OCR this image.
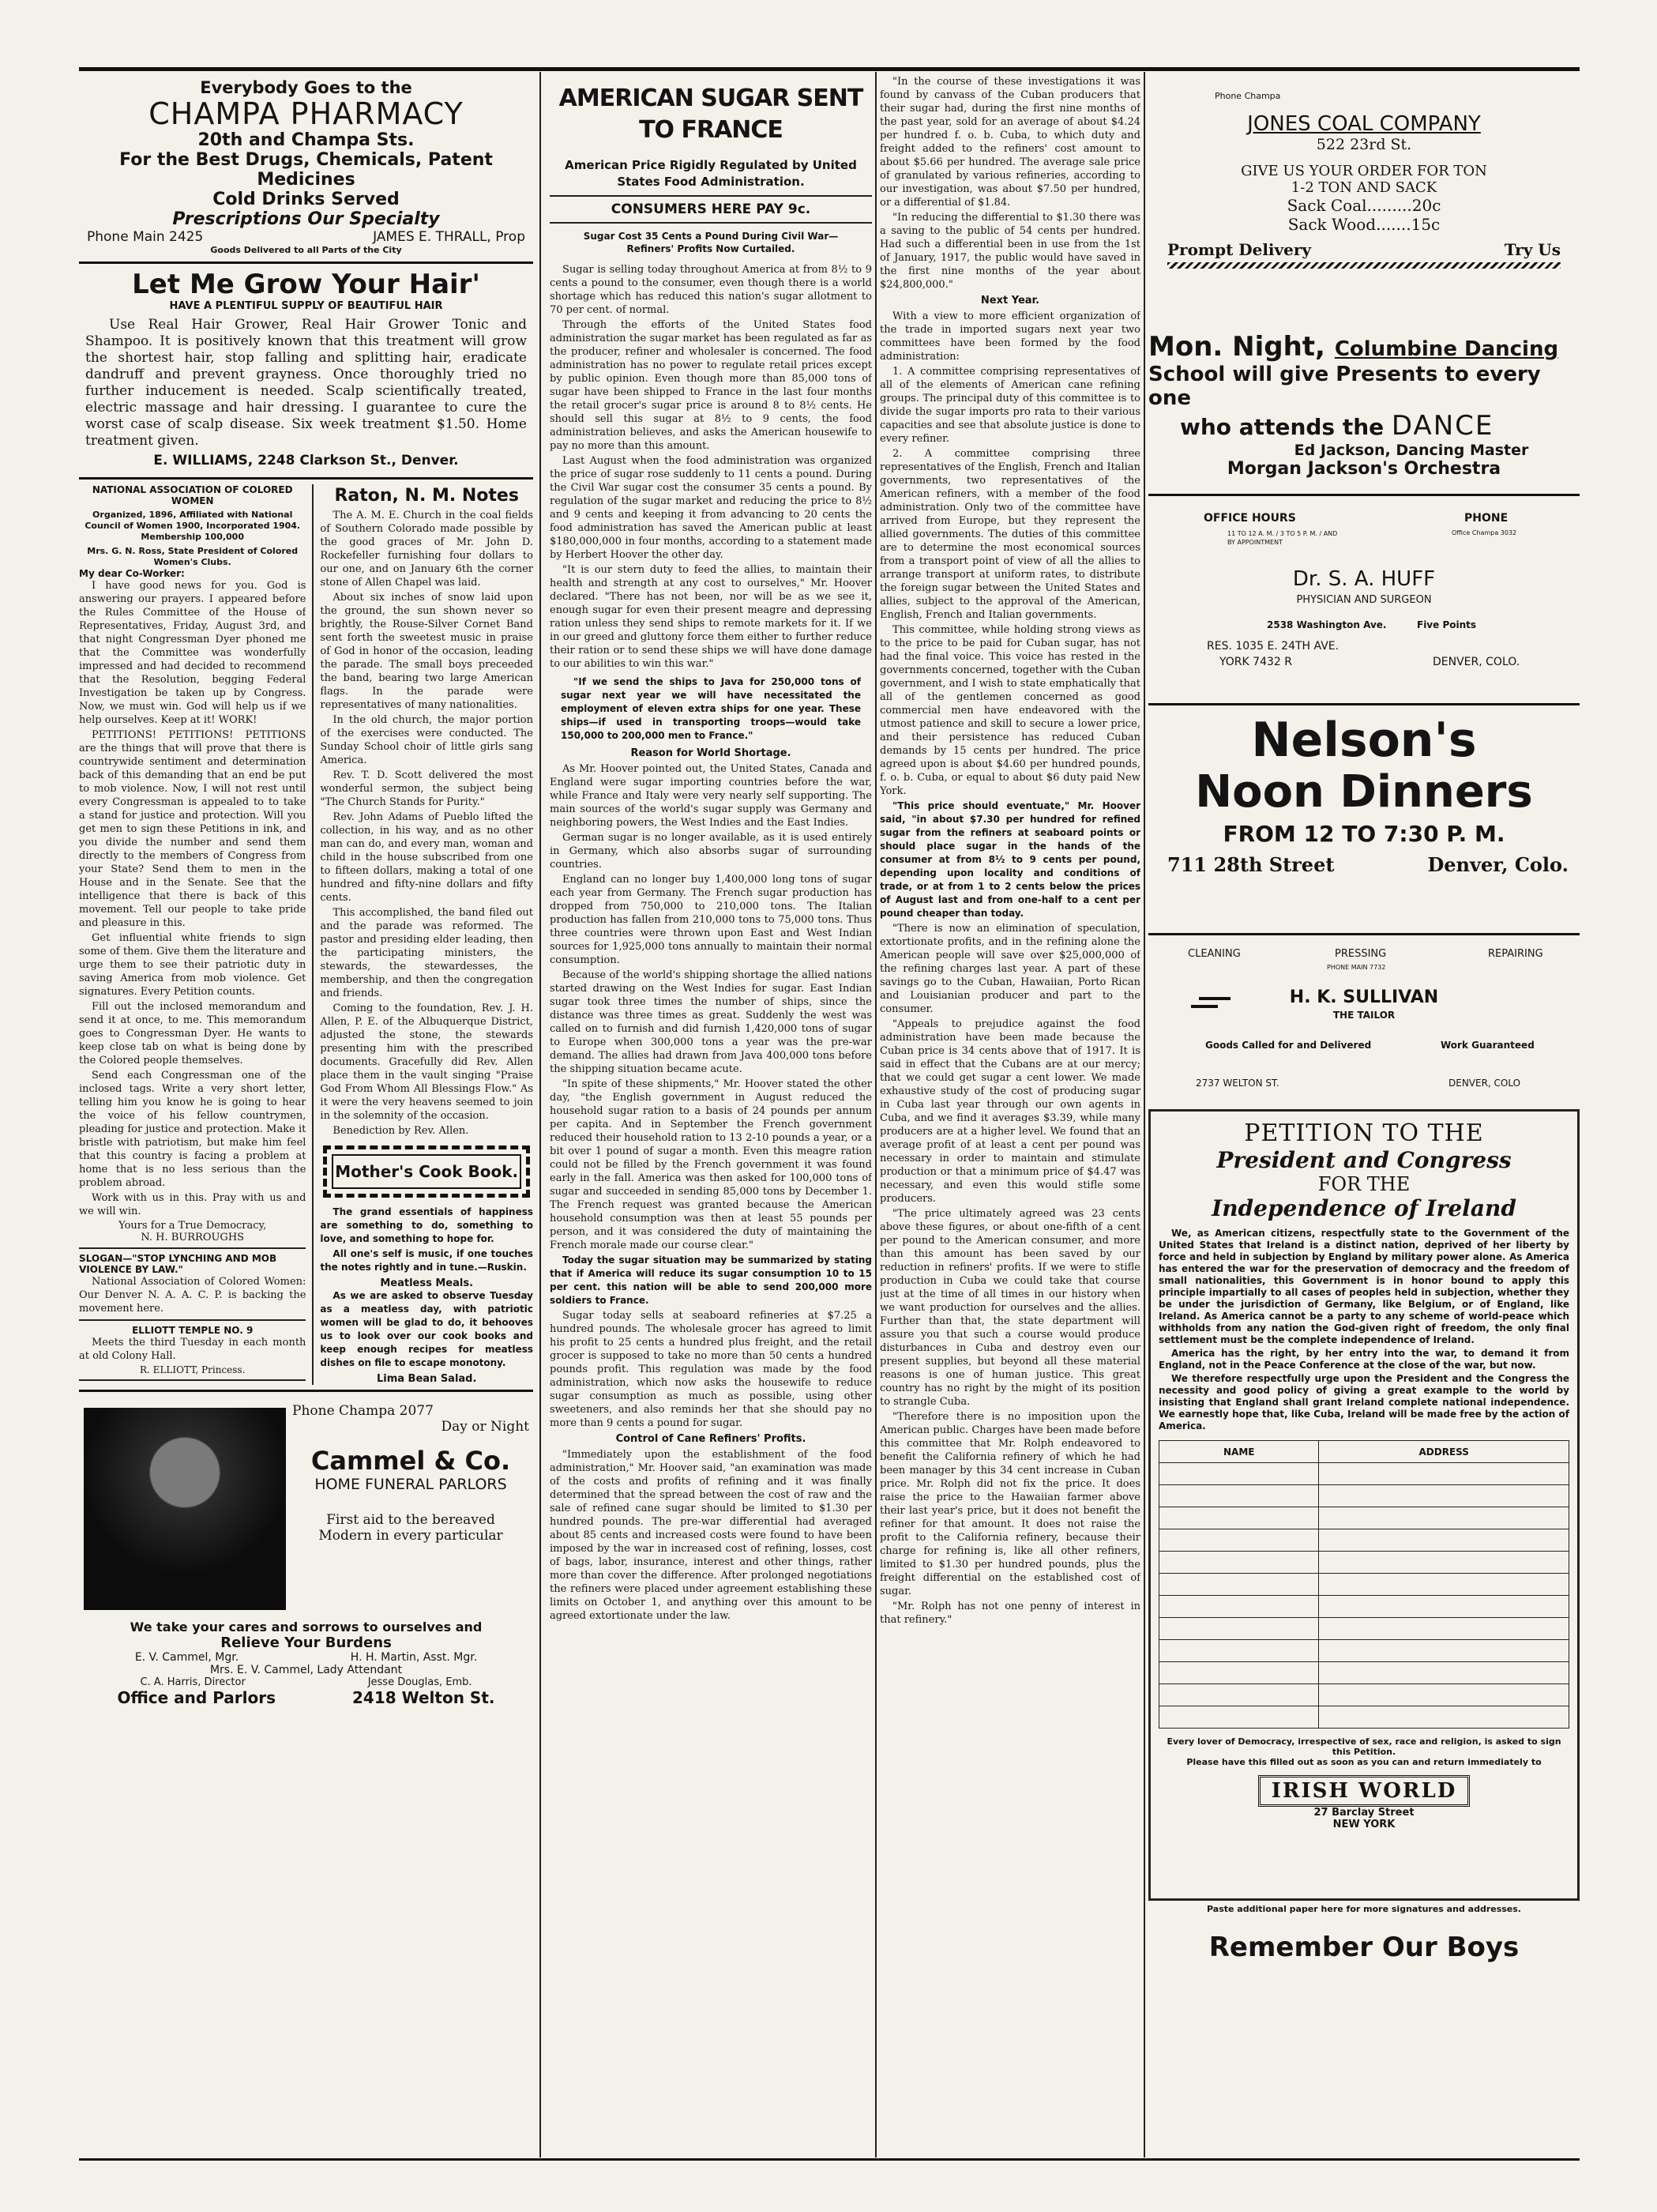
Everybody Goes to the

CHAMPA PHARMACY

20th and Champa Sts.

For the Best Drugs, Chemicals, Patent Medicines

Cold Drinks Served

Prescriptions Our Specialty

Phone Main 2425	JAMES E. THRALL, Prop

Goods Delivered to all Parts of the City

Let Me Grow Your Hair'

HAVE A PLENTIFUL SUPPLY OF BEAUTIFUL HAIR

Use Real Hair Grower, Real Hair Grower Tonic and Shampoo. It is positively known that this treatment will grow the shortest hair, stop falling and splitting hair, eradicate dandruff and prevent grayness. Once thoroughly tried no further inducement is needed. Scalp scientifically treated, electric massage and hair dressing. I guarantee to cure the worst case of scalp disease. Six week treatment $1.50. Home treatment given.

E. WILLIAMS, 2248 Clarkson St., Denver.

NATIONAL ASSOCIATION OF COLORED WOMEN

Organized, 1896, Affiliated with National Council of Women 1900, Incorporated 1904. Membership 100,000

Mrs. G. N. Ross, State President of Colored Women's Clubs.

My dear Co-Worker:

I have good news for you. God is answering our prayers. I appeared before the Rules Committee of the House of Representatives, Friday, August 3rd, and that night Congressman Dyer phoned me that the Committee was wonderfully impressed and had decided to recommend that the Resolution, begging Federal Investigation be taken up by Congress. Now, we must win. God will help us if we help ourselves. Keep at it! WORK!

PETITIONS! PETITIONS! PETITIONS are the things that will prove that there is countrywide sentiment and determination back of this demanding that an end be put to mob violence. Now, I will not rest until every Congressman is appealed to to take a stand for justice and protection. Will you get men to sign these Petitions in ink, and you divide the number and send them directly to the members of Congress from your State? Send them to men in the House and in the Senate. See that the intelligence that there is back of this movement. Tell our people to take pride and pleasure in this.

Get influential white friends to sign some of them. Give them the literature and urge them to see their patriotic duty in saving America from mob violence. Get signatures. Every Petition counts.

Fill out the inclosed memorandum and send it at once, to me. This memorandum goes to Congressman Dyer. He wants to keep close tab on what is being done by the Colored people themselves.

Send each Congressman one of the inclosed tags. Write a very short letter, telling him you know he is going to hear the voice of his fellow countrymen, pleading for justice and protection. Make it bristle with patriotism, but make him feel that this country is facing a problem at home that is no less serious than the problem abroad.

Work with us in this. Pray with us and we will win.

Yours for a True Democracy,

N. H. BURROUGHS

SLOGAN—"STOP LYNCHING AND MOB VIOLENCE BY LAW."

National Association of Colored Women: Our Denver N. A. A. C. P. is backing the movement here.

ELLIOTT TEMPLE NO. 9

Meets the third Tuesday in each month at old Colony Hall.

R. ELLIOTT, Princess.

Raton, N. M. Notes

The A. M. E. Church in the coal fields of Southern Colorado made possible by the good graces of Mr. John D. Rockefeller furnishing four dollars to our one, and on January 6th the corner stone of Allen Chapel was laid.

About six inches of snow laid upon the ground, the sun shown never so brightly, the Rouse-Silver Cornet Band sent forth the sweetest music in praise of God in honor of the occasion, leading the parade. The small boys preceeded the band, bearing two large American flags. In the parade were representatives of many nationalities.

In the old church, the major portion of the exercises were conducted. The Sunday School choir of little girls sang America.

Rev. T. D. Scott delivered the most wonderful sermon, the subject being "The Church Stands for Purity."

Rev. John Adams of Pueblo lifted the collection, in his way, and as no other man can do, and every man, woman and child in the house subscribed from one to fifteen dollars, making a total of one hundred and fifty-nine dollars and fifty cents.

This accomplished, the band filed out and the parade was reformed. The pastor and presiding elder leading, then the participating ministers, the stewards, the stewardesses, the membership, and then the congregation and friends.

Coming to the foundation, Rev. J. H. Allen, P. E. of the Albuquerque District, adjusted the stone, the stewards presenting him with the prescribed documents. Gracefully did Rev. Allen place them in the vault singing "Praise God From Whom All Blessings Flow." As it were the very heavens seemed to join in the solemnity of the occasion.

Benediction by Rev. Allen.

Mother's Cook Book.

The grand essentials of happiness are something to do, something to love, and something to hope for.

All one's self is music, if one touches the notes rightly and in tune.—Ruskin.

Meatless Meals.

As we are asked to observe Tuesday as a meatless day, with patriotic women will be glad to do, it behooves us to look over our cook books and keep enough recipes for meatless dishes on file to escape monotony.

Lima Bean Salad.

Phone Champa 2077

Day or Night

Cammel & Co.

HOME FUNERAL PARLORS

First aid to the bereaved

Modern in every particular

We take your cares and sorrows to ourselves and

Relieve Your Burdens

E. V. Cammel, Mgr.	H. H. Martin, Asst. Mgr.

Mrs. E. V. Cammel, Lady Attendant

C. A. Harris, Director	Jesse Douglas, Emb.
Office and Parlors	2418 Welton St.

AMERICAN SUGAR SENT TO FRANCE

American Price Rigidly Regulated by United States Food Administration.

CONSUMERS HERE PAY 9c.

Sugar Cost 35 Cents a Pound During Civil War—Refiners' Profits Now Curtailed.

Sugar is selling today throughout America at from 8½ to 9 cents a pound to the consumer, even though there is a world shortage which has reduced this nation's sugar allotment to 70 per cent. of normal.

Through the efforts of the United States food administration the sugar market has been regulated as far as the producer, refiner and wholesaler is concerned. The food administration has no power to regulate retail prices except by public opinion. Even though more than 85,000 tons of sugar have been shipped to France in the last four months the retail grocer's sugar price is around 8 to 8½ cents. He should sell this sugar at 8½ to 9 cents, the food administration believes, and asks the American housewife to pay no more than this amount.

Last August when the food administration was organized the price of sugar rose suddenly to 11 cents a pound. During the Civil War sugar cost the consumer 35 cents a pound. By regulation of the sugar market and reducing the price to 8½ and 9 cents and keeping it from advancing to 20 cents the food administration has saved the American public at least $180,000,000 in four months, according to a statement made by Herbert Hoover the other day.

"It is our stern duty to feed the allies, to maintain their health and strength at any cost to ourselves," Mr. Hoover declared. "There has not been, nor will be as we see it, enough sugar for even their present meagre and depressing ration unless they send ships to remote markets for it. If we in our greed and gluttony force them either to further reduce their ration or to send these ships we will have done damage to our abilities to win this war."

"If we send the ships to Java for 250,000 tons of sugar next year we will have necessitated the employment of eleven extra ships for one year. These ships—if used in transporting troops—would take 150,000 to 200,000 men to France."

Reason for World Shortage.

As Mr. Hoover pointed out, the United States, Canada and England were sugar importing countries before the war, while France and Italy were very nearly self supporting. The main sources of the world's sugar supply was Germany and neighboring powers, the West Indies and the East Indies.

German sugar is no longer available, as it is used entirely in Germany, which also absorbs sugar of surrounding countries.

England can no longer buy 1,400,000 long tons of sugar each year from Germany. The French sugar production has dropped from 750,000 to 210,000 tons. The Italian production has fallen from 210,000 tons to 75,000 tons. Thus three countries were thrown upon East and West Indian sources for 1,925,000 tons annually to maintain their normal consumption.

Because of the world's shipping shortage the allied nations started drawing on the West Indies for sugar. East Indian sugar took three times the number of ships, since the distance was three times as great. Suddenly the west was called on to furnish and did furnish 1,420,000 tons of sugar to Europe when 300,000 tons a year was the pre-war demand. The allies had drawn from Java 400,000 tons before the shipping situation became acute.

"In spite of these shipments," Mr. Hoover stated the other day, "the English government in August reduced the household sugar ration to a basis of 24 pounds per annum per capita. And in September the French government reduced their household ration to 13 2-10 pounds a year, or a bit over 1 pound of sugar a month. Even this meagre ration could not be filled by the French government it was found early in the fall. America was then asked for 100,000 tons of sugar and succeeded in sending 85,000 tons by December 1. The French request was granted because the American household consumption was then at least 55 pounds per person, and it was considered the duty of maintaining the French morale made our course clear."

Today the sugar situation may be summarized by stating that if America will reduce its sugar consumption 10 to 15 per cent. this nation will be able to send 200,000 more soldiers to France.

Sugar today sells at seaboard refineries at $7.25 a hundred pounds. The wholesale grocer has agreed to limit his profit to 25 cents a hundred plus freight, and the retail grocer is supposed to take no more than 50 cents a hundred pounds profit. This regulation was made by the food administration, which now asks the housewife to reduce sugar consumption as much as possible, using other sweeteners, and also reminds her that she should pay no more than 9 cents a pound for sugar.

Control of Cane Refiners' Profits.

"Immediately upon the establishment of the food administration," Mr. Hoover said, "an examination was made of the costs and profits of refining and it was finally determined that the spread between the cost of raw and the sale of refined cane sugar should be limited to $1.30 per hundred pounds. The pre-war differential had averaged about 85 cents and increased costs were found to have been imposed by the war in increased cost of refining, losses, cost of bags, labor, insurance, interest and other things, rather more than cover the difference. After prolonged negotiations the refiners were placed under agreement establishing these limits on October 1, and anything over this amount to be agreed extortionate under the law.

"In the course of these investigations it was found by canvass of the Cuban producers that their sugar had, during the first nine months of the past year, sold for an average of about $4.24 per hundred f. o. b. Cuba, to which duty and freight added to the refiners' cost amount to about $5.66 per hundred. The average sale price of granulated by various refineries, according to our investigation, was about $7.50 per hundred, or a differential of $1.84.

"In reducing the differential to $1.30 there was a saving to the public of 54 cents per hundred. Had such a differential been in use from the 1st of January, 1917, the public would have saved in the first nine months of the year about $24,800,000."

Next Year.

With a view to more efficient organization of the trade in imported sugars next year two committees have been formed by the food administration:

1. A committee comprising representatives of all of the elements of American cane refining groups. The principal duty of this committee is to divide the sugar imports pro rata to their various capacities and see that absolute justice is done to every refiner.

2. A committee comprising three representatives of the English, French and Italian governments, two representatives of the American refiners, with a member of the food administration. Only two of the committee have arrived from Europe, but they represent the allied governments. The duties of this committee are to determine the most economical sources from a transport point of view of all the allies to arrange transport at uniform rates, to distribute the foreign sugar between the United States and allies, subject to the approval of the American, English, French and Italian governments.

This committee, while holding strong views as to the price to be paid for Cuban sugar, has not had the final voice. This voice has rested in the governments concerned, together with the Cuban government, and I wish to state emphatically that all of the gentlemen concerned as good commercial men have endeavored with the utmost patience and skill to secure a lower price, and their persistence has reduced Cuban demands by 15 cents per hundred. The price agreed upon is about $4.60 per hundred pounds, f. o. b. Cuba, or equal to about $6 duty paid New York.

"This price should eventuate," Mr. Hoover said, "in about $7.30 per hundred for refined sugar from the refiners at seaboard points or should place sugar in the hands of the consumer at from 8½ to 9 cents per pound, depending upon locality and conditions of trade, or at from 1 to 2 cents below the prices of August last and from one-half to a cent per pound cheaper than today.

"There is now an elimination of speculation, extortionate profits, and in the refining alone the American people will save over $25,000,000 of the refining charges last year. A part of these savings go to the Cuban, Hawaiian, Porto Rican and Louisianian producer and part to the consumer.

"Appeals to prejudice against the food administration have been made because the Cuban price is 34 cents above that of 1917. It is said in effect that the Cubans are at our mercy; that we could get sugar a cent lower. We made exhaustive study of the cost of producing sugar in Cuba last year through our own agents in Cuba, and we find it averages $3.39, while many producers are at a higher level. We found that an average profit of at least a cent per pound was necessary in order to maintain and stimulate production or that a minimum price of $4.47 was necessary, and even this would stifle some producers.

"The price ultimately agreed was 23 cents above these figures, or about one-fifth of a cent per pound to the American consumer, and more than this amount has been saved by our reduction in refiners' profits. If we were to stifle production in Cuba we could take that course just at the time of all times in our history when we want production for ourselves and the allies. Further than that, the state department will assure you that such a course would produce disturbances in Cuba and destroy even our present supplies, but beyond all these material reasons is one of human justice. This great country has no right by the might of its position to strangle Cuba.

"Therefore there is no imposition upon the American public. Charges have been made before this committee that Mr. Rolph endeavored to benefit the California refinery of which he had been manager by this 34 cent increase in Cuban price. Mr. Rolph did not fix the price. It does raise the price to the Hawaiian farmer above their last year's price, but it does not benefit the refiner for that amount. It does not raise the profit to the California refinery, because their charge for refining is, like all other refiners, limited to $1.30 per hundred pounds, plus the freight differential on the established cost of sugar.

"Mr. Rolph has not one penny of interest in that refinery."

Phone Champa

JONES COAL COMPANY

522 23rd St.

GIVE US YOUR ORDER FOR TON

1-2 TON AND SACK

Sack Coal.........20c

Sack Wood.......15c

Prompt Delivery	Try Us

Mon. Night, Columbine Dancing

School will give Presents to every one

who attends the DANCE

Ed Jackson, Dancing Master

Morgan Jackson's Orchestra

OFFICE HOURS

11 TO 12 A. M. / 3 TO 5 P. M. / AND BY APPOINTMENT

PHONE

Office Champa 3032

Dr. S. A. HUFF

PHYSICIAN AND SURGEON

2538 Washington Ave.	Five Points

RES. 1035 E. 24TH AVE.

YORK 7432 R	DENVER, COLO.

Nelson's

Noon Dinners

FROM 12 TO 7:30 P. M.

711 28th Street	Denver, Colo.
CLEANING	PRESSING	REPAIRING
PHONE MAIN 7732

H. K. SULLIVAN

THE TAILOR

Goods Called for and Delivered	Work Guaranteed
2737 WELTON ST.	DENVER, COLO

PETITION TO THE

President and Congress

FOR THE

Independence of Ireland

We, as American citizens, respectfully state to the Government of the United States that Ireland is a distinct nation, deprived of her liberty by force and held in subjection by England by military power alone. As America has entered the war for the preservation of democracy and the freedom of small nationalities, this Government is in honor bound to apply this principle impartially to all cases of peoples held in subjection, whether they be under the jurisdiction of Germany, like Belgium, or of England, like Ireland. As America cannot be a party to any scheme of world-peace which withholds from any nation the God-given right of freedom, the only final settlement must be the complete independence of Ireland.

America has the right, by her entry into the war, to demand it from England, not in the Peace Conference at the close of the war, but now.

We therefore respectfully urge upon the President and the Congress the necessity and good policy of giving a great example to the world by insisting that England shall grant Ireland complete national independence. We earnestly hope that, like Cuba, Ireland will be made free by the action of America.

NAME	ADDRESS

Every lover of Democracy, irrespective of sex, race and religion, is asked to sign this Petition.

Please have this filled out as soon as you can and return immediately to

IRISH WORLD

27 Barclay Street

NEW YORK

Paste additional paper here for more signatures and addresses.

Remember Our Boys
